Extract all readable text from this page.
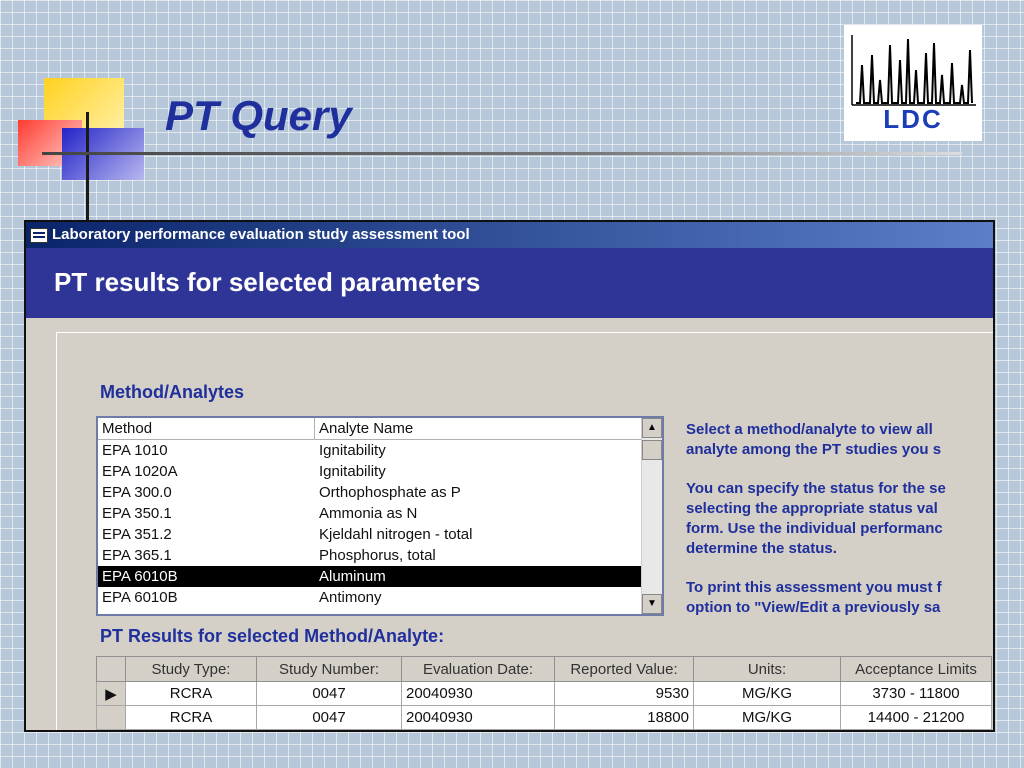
PT Query	LDC
Laboratory performance evaluation study assessment tool
PT results for selected parameters
Method/Analytes
Method	Analyte Name
EPA 1010	Ignitability
EPA 1020A	Ignitability
EPA 300.0	Orthophosphate as P
EPA 350.1	Ammonia as N
EPA 351.2	Kjeldahl nitrogen - total
EPA 365.1	Phosphorus, total
EPA 6010B	Aluminum
EPA 6010B	Antimony
▲
▼

Select a method/analyte to view all
analyte among the PT studies you s

You can specify the status for the se
selecting the appropriate status val
form. Use the individual performanc
determine the status.

To print this assessment you must f
option to "View/Edit a previously sa

PT Results for selected Method/Analyte:
	Study Type:	Study Number:	Evaluation Date:	Reported Value:	Units:	Acceptance Limits
▶	RCRA	0047	20040930	9530	MG/KG	3730 - 11800
	RCRA	0047	20040930	18800	MG/KG	14400 - 21200
